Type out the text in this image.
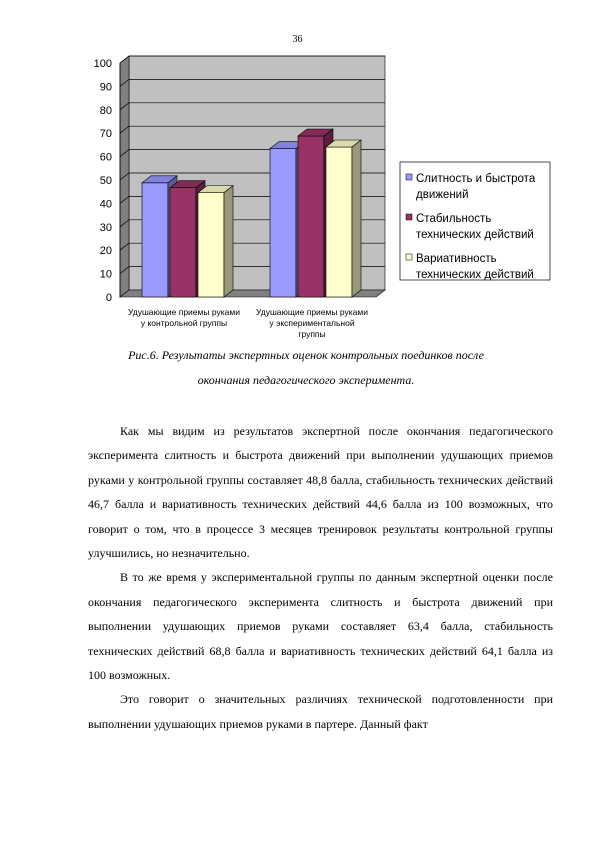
36
0
10
20
30
40
50
60
70
80
90
100
Удушающие приемы руками
у контрольной группы
Удушающие приемы руками
у экспериментальной
группы
Слитность и быстрота
движений
Стабильность
технических действий
Вариативность
технических действий
Рис.6. Результаты экспертных оценок контрольных поединков после
окончания педагогического эксперимента.

Как мы видим из результатов экспертной после окончания педагогического эксперимента слитность и быстрота движений при выполнении удушающих приемов руками у контрольной группы составляет 48,8 балла, стабильность технических действий 46,7 балла и вариативность технических действий 44,6 балла из 100 возможных, что говорит о том, что в процессе 3 месяцев тренировок результаты контрольной группы улучшились, но незначительно.

В то же время у экспериментальной группы по данным экспертной оценки после окончания педагогического эксперимента слитность и быстрота движений при выполнении удушающих приемов руками составляет 63,4 балла, стабильность технических действий 68,8 балла и вариативность технических действий 64,1 балла из 100 возможных.

Это говорит о значительных различиях технической подготовленности при выполнении удушающих приемов руками в партере. Данный факт
